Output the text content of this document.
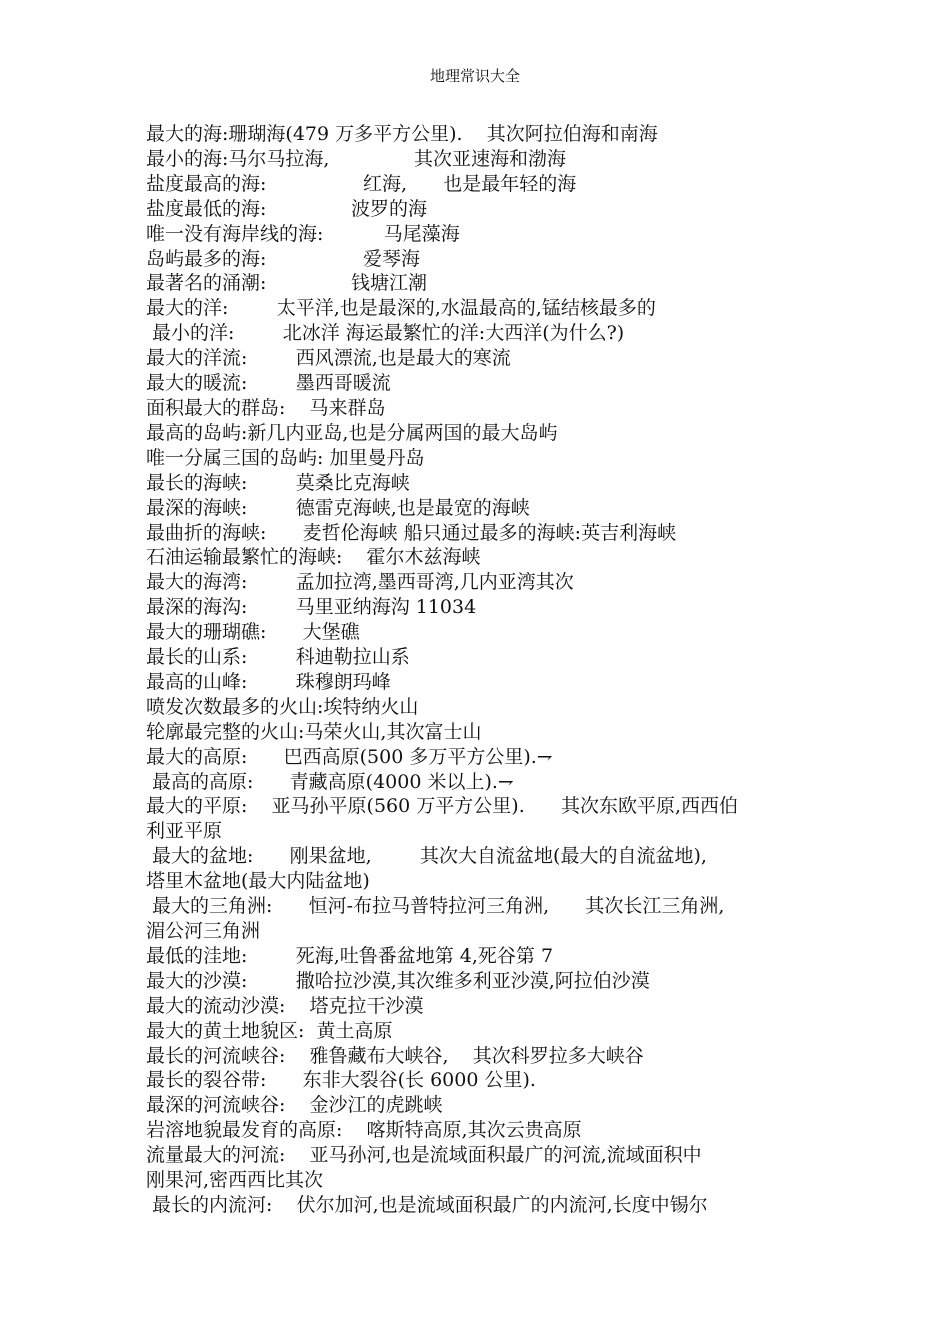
地理常识大全

最大的海:珊瑚海(479 万多平方公里).    其次阿拉伯海和南海

最小的海:马尔马拉海,              其次亚速海和渤海

盐度最高的海:                红海,      也是最年轻的海

盐度最低的海:              波罗的海

唯一没有海岸线的海:          马尾藻海

岛屿最多的海:                爱琴海

最著名的涌潮:              钱塘江潮

最大的洋:        太平洋,也是最深的,水温最高的,锰结核最多的

最小的洋:        北冰洋 海运最繁忙的洋:大西洋(为什么?)

最大的洋流:        西风漂流,也是最大的寒流

最大的暖流:        墨西哥暖流

面积最大的群岛:    马来群岛

最高的岛屿:新几内亚岛,也是分属两国的最大岛屿

唯一分属三国的岛屿: 加里曼丹岛

最长的海峡:        莫桑比克海峡

最深的海峡:        德雷克海峡,也是最宽的海峡

最曲折的海峡:      麦哲伦海峡 船只通过最多的海峡:英吉利海峡

石油运输最繁忙的海峡:    霍尔木兹海峡

最大的海湾:        孟加拉湾,墨西哥湾,几内亚湾其次

最深的海沟:        马里亚纳海沟 11034

最大的珊瑚礁:      大堡礁

最长的山系:        科迪勒拉山系

最高的山峰:        珠穆朗玛峰

喷发次数最多的火山:埃特纳火山

轮廓最完整的火山:马荣火山,其次富士山

最大的高原:      巴西高原(500 多万平方公里).⇁

最高的高原:      青藏高原(4000 米以上).⇁

最大的平原:    亚马孙平原(560 万平方公里).      其次东欧平原,西西伯

利亚平原

最大的盆地:      刚果盆地,        其次大自流盆地(最大的自流盆地),

塔里木盆地(最大内陆盆地)

最大的三角洲:      恒河-布拉马普特拉河三角洲,      其次长江三角洲,

湄公河三角洲

最低的洼地:        死海,吐鲁番盆地第 4,死谷第 7

最大的沙漠:        撒哈拉沙漠,其次维多利亚沙漠,阿拉伯沙漠

最大的流动沙漠:    塔克拉干沙漠

最大的黄土地貌区:  黄土高原

最长的河流峡谷:    雅鲁藏布大峡谷,    其次科罗拉多大峡谷

最长的裂谷带:      东非大裂谷(长 6000 公里).

最深的河流峡谷:    金沙江的虎跳峡

岩溶地貌最发育的高原:    喀斯特高原,其次云贵高原

流量最大的河流:    亚马孙河,也是流域面积最广的河流,流域面积中

刚果河,密西西比其次

最长的内流河:    伏尔加河,也是流域面积最广的内流河,长度中锡尔
